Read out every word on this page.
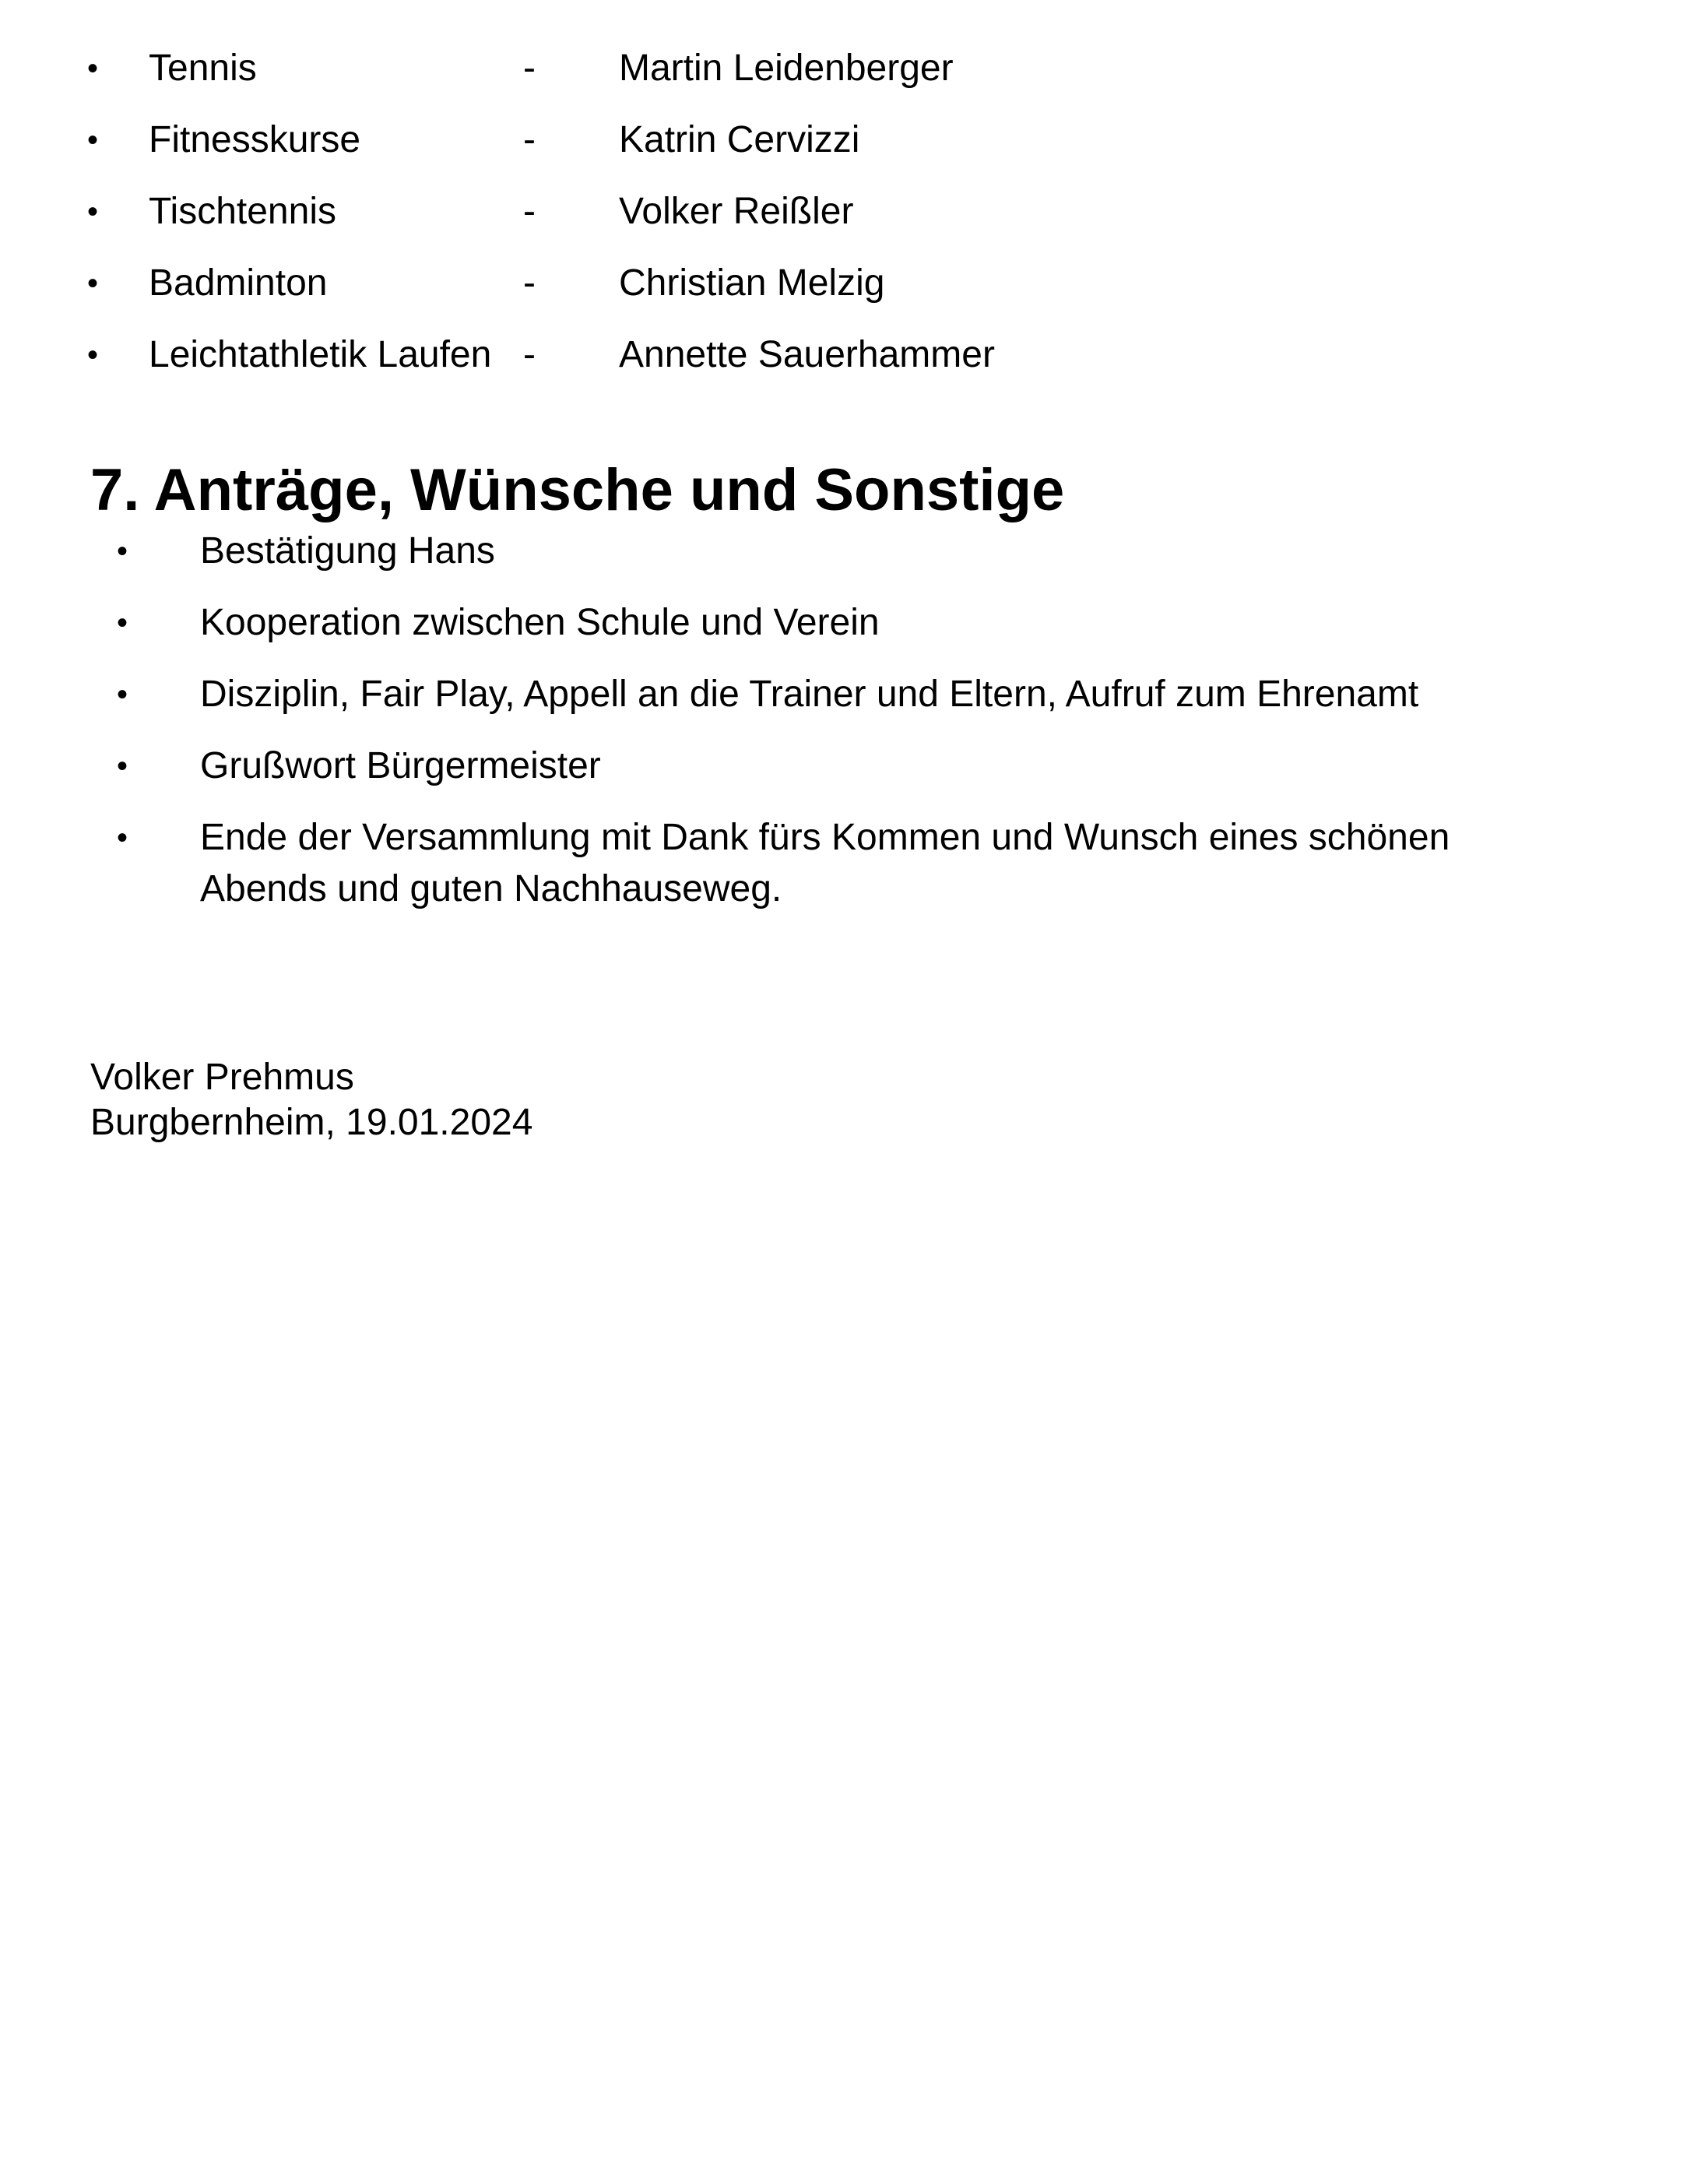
• Tennis	- Martin Leidenberger
• Fitnesskurse	- Katrin Cervizzi
• Tischtennis	- Volker Reißler
• Badminton	- Christian Melzig
• Leichtathletik Laufen - Annette Sauerhammer
7. Anträge, Wünsche und Sonstige
• Bestätigung Hans
• Kooperation zwischen Schule und Verein
• Disziplin, Fair Play, Appell an die Trainer und Eltern, Aufruf zum Ehrenamt
• Grußwort Bürgermeister
• Ende der Versammlung mit Dank fürs Kommen und Wunsch eines schönen Abends und guten Nachhauseweg.
Volker Prehmus
Burgbernheim, 19.01.2024
